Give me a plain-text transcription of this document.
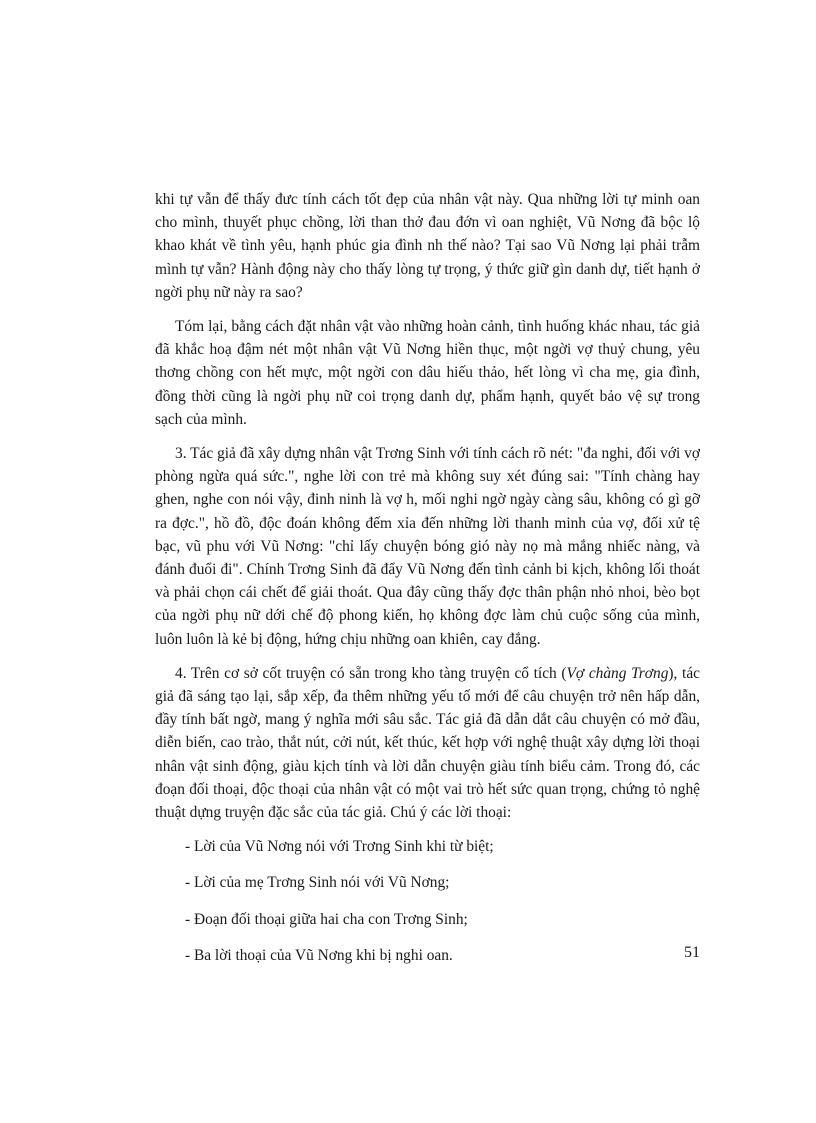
khi tự vẫn để thấy đưc tính cách tốt đẹp của nhân vật này. Qua những lời tự minh oan cho mình, thuyết phục chồng, lời than thở đau đớn vì oan nghiệt, Vũ Nơng đã bộc lộ khao khát về tình yêu, hạnh phúc gia đình nh thế nào? Tại sao Vũ Nơng lại phải trẫm mình tự vẫn? Hành động này cho thấy lòng tự trọng, ý thức giữ gìn danh dự, tiết hạnh ở ngời phụ nữ này ra sao?

Tóm lại, bằng cách đặt nhân vật vào những hoàn cảnh, tình huống khác nhau, tác giả đã khắc hoạ đậm nét một nhân vật Vũ Nơng hiền thục, một ngời vợ thuỷ chung, yêu thơng chồng con hết mực, một ngời con dâu hiếu thảo, hết lòng vì cha mẹ, gia đình, đồng thời cũng là ngời phụ nữ coi trọng danh dự, phẩm hạnh, quyết bảo vệ sự trong sạch của mình.

3. Tác giả đã xây dựng nhân vật Trơng Sinh với tính cách rõ nét: "đa nghi, đối với vợ phòng ngừa quá sức.", nghe lời con trẻ mà không suy xét đúng sai: "Tính chàng hay ghen, nghe con nói vậy, đinh ninh là vợ h, mối nghi ngờ ngày càng sâu, không có gì gỡ ra đợc.", hồ đồ, độc đoán không đếm xỉa đến những lời thanh minh của vợ, đối xử tệ bạc, vũ phu với Vũ Nơng: "chỉ lấy chuyện bóng gió này nọ mà mắng nhiếc nàng, và đánh đuổi đi". Chính Trơng Sinh đã đẩy Vũ Nơng đến tình cảnh bi kịch, không lối thoát và phải chọn cái chết để giải thoát. Qua đây cũng thấy đợc thân phận nhỏ nhoi, bèo bọt của ngời phụ nữ dới chế độ phong kiến, họ không đợc làm chủ cuộc sống của mình, luôn luôn là kẻ bị động, hứng chịu những oan khiên, cay đắng.

4. Trên cơ sở cốt truyện có sẵn trong kho tàng truyện cổ tích (Vợ chàng Trơng), tác giả đã sáng tạo lại, sắp xếp, đa thêm những yếu tố mới để câu chuyện trở nên hấp dẫn, đầy tính bất ngờ, mang ý nghĩa mới sâu sắc. Tác giả đã dẫn dắt câu chuyện có mở đầu, diễn biến, cao trào, thắt nút, cởi nút, kết thúc, kết hợp với nghệ thuật xây dựng lời thoại nhân vật sinh động, giàu kịch tính và lời dẫn chuyện giàu tính biểu cảm. Trong đó, các đoạn đối thoại, độc thoại của nhân vật có một vai trò hết sức quan trọng, chứng tỏ nghệ thuật dựng truyện đặc sắc của tác giả. Chú ý các lời thoại:

- Lời của Vũ Nơng nói với Trơng Sinh khi từ biệt;

- Lời của mẹ Trơng Sinh nói với Vũ Nơng;

- Đoạn đối thoại giữa hai cha con Trơng Sinh;

- Ba lời thoại của Vũ Nơng khi bị nghi oan.	51
